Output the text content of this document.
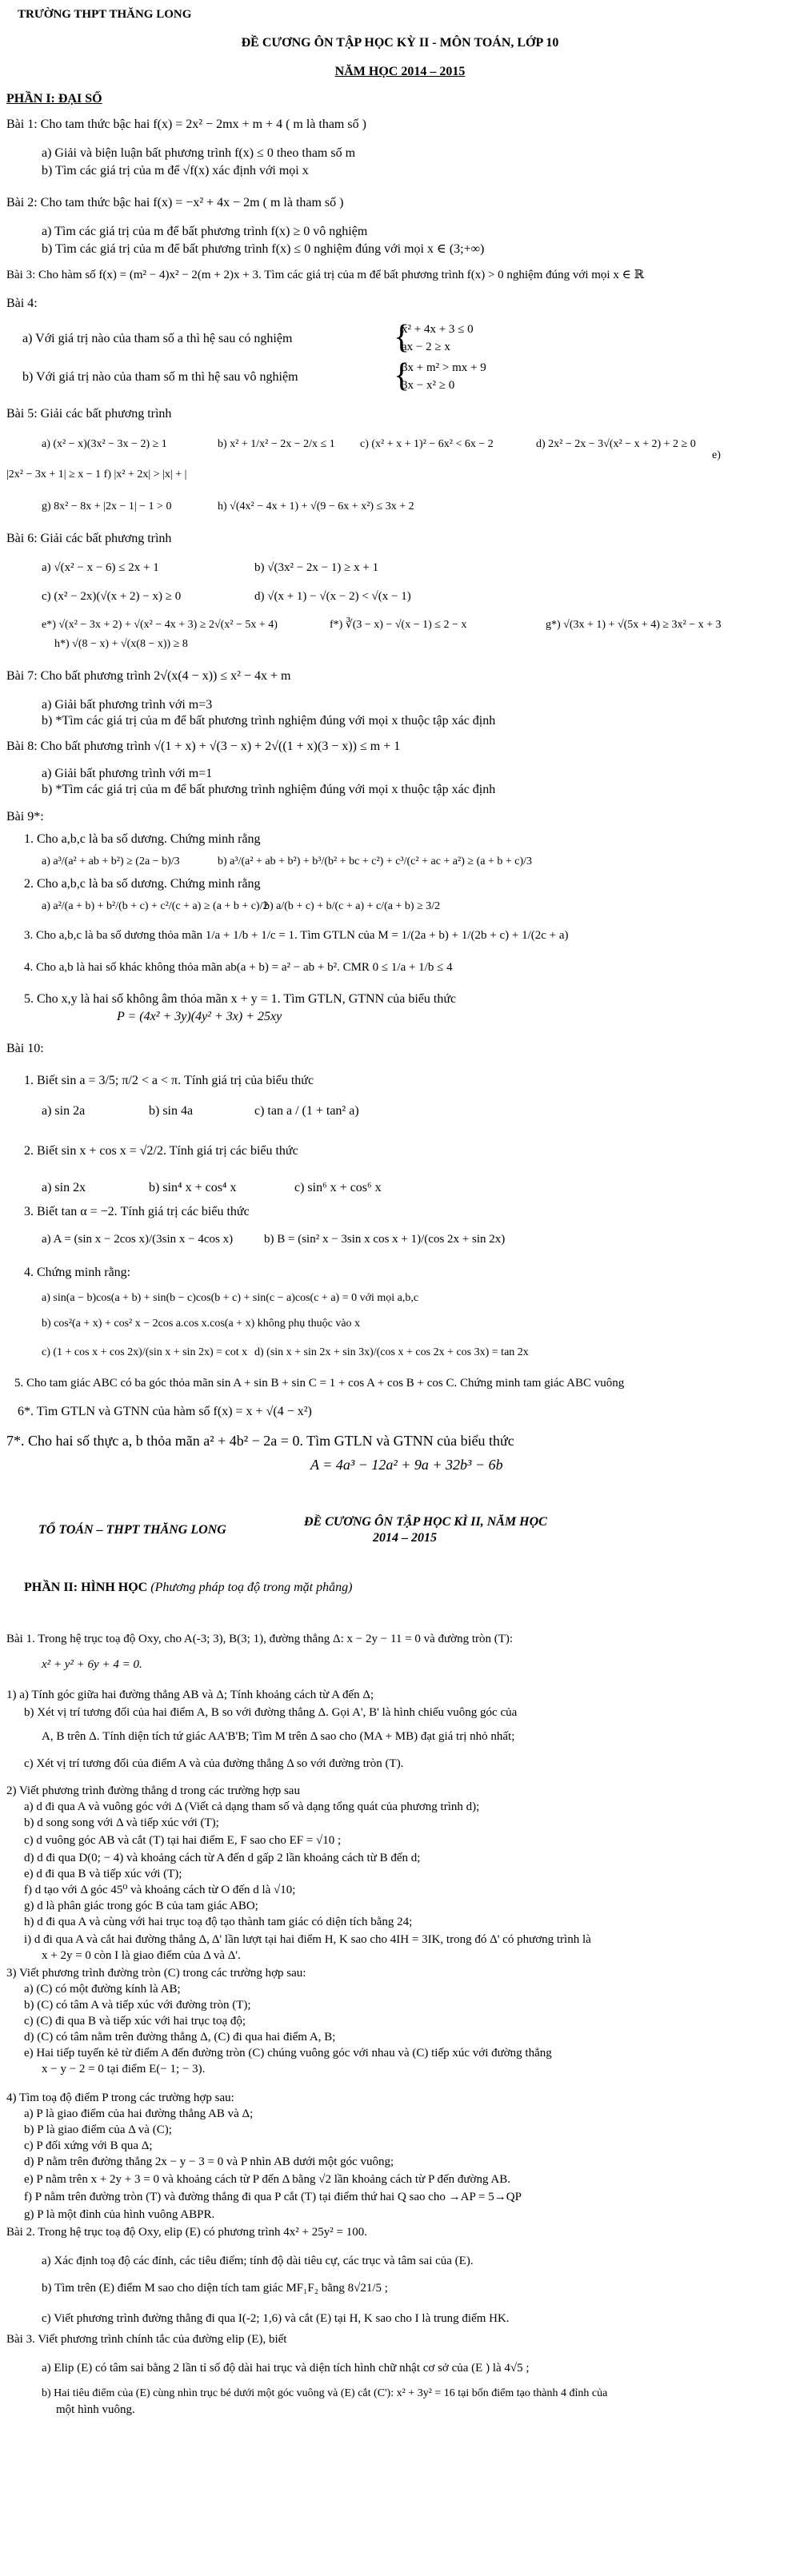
TRƯỜNG THPT THĂNG LONG
ĐỀ CƯƠNG ÔN TẬP HỌC KỲ II - MÔN TOÁN, LỚP 10
NĂM HỌC 2014 – 2015
PHẦN I: ĐẠI SỐ
Bài 1: Cho tam thức bậc hai f(x) = 2x² − 2mx + m + 4 ( m là tham số )
a) Giải và biện luận bất phương trình f(x) ≤ 0 theo tham số m
b) Tìm các giá trị của m để √f(x) xác định với mọi x
Bài 2: Cho tam thức bậc hai f(x) = −x² + 4x − 2m ( m là tham số )
a) Tìm các giá trị của m để bất phương trình f(x) ≥ 0 vô nghiệm
b) Tìm các giá trị của m để bất phương trình f(x) ≤ 0 nghiệm đúng với mọi x ∈ (3;+∞)
Bài 3: Cho hàm số f(x) = (m² − 4)x² − 2(m + 2)x + 3. Tìm các giá trị của m để bất phương trình f(x) > 0 nghiệm đúng với mọi x ∈ ℝ
Bài 4:
a) Với giá trị nào của tham số a thì hệ sau có nghiệm
x² + 4x + 3 ≤ 0
ax − 2 ≥ x
b) Với giá trị nào của tham số m thì hệ sau vô nghiệm
3x + m² > mx + 9
3x − x² ≥ 0
{
{
Bài 5: Giải các bất phương trình
a) (x² − x)(3x² − 3x − 2) ≥ 1	b) x² + 1/x² − 2x − 2/x ≤ 1 c) (x² + x + 1)² − 6x² < 6x − 2	d) 2x² − 2x − 3√(x² − x + 2) + 2 ≥ 0
e)
|2x² − 3x + 1| ≥ x − 1 f) |x² + 2x| > |x| + |
g) 8x² − 8x + |2x − 1| − 1 > 0	h) √(4x² − 4x + 1) + √(9 − 6x + x²) ≤ 3x + 2
Bài 6: Giải các bất phương trình
a) √(x² − x − 6) ≤ 2x + 1	b) √(3x² − 2x − 1) ≥ x + 1
c) (x² − 2x)(√(x + 2) − x) ≥ 0	d) √(x + 1) − √(x − 2) < √(x − 1)
e*) √(x² − 3x + 2) + √(x² − 4x + 3) ≥ 2√(x² − 5x + 4)	f*) ∛(3 − x) − √(x − 1) ≤ 2 − x	g*) √(3x + 1) + √(5x + 4) ≥ 3x² − x + 3
h*) √(8 − x) + √(x(8 − x)) ≥ 8
Bài 7: Cho bất phương trình 2√(x(4 − x)) ≤ x² − 4x + m
a) Giải bất phương trình với m=3
b) *Tìm các giá trị của m để bất phương trình nghiệm đúng với mọi x thuộc tập xác định
Bài 8: Cho bất phương trình √(1 + x) + √(3 − x) + 2√((1 + x)(3 − x)) ≤ m + 1
a) Giải bất phương trình với m=1
b) *Tìm các giá trị của m để bất phương trình nghiệm đúng với mọi x thuộc tập xác định
Bài 9*:
1. Cho a,b,c là ba số dương. Chứng minh rằng
a) a³/(a² + ab + b²) ≥ (2a − b)/3	b) a³/(a² + ab + b²) + b³/(b² + bc + c²) + c³/(c² + ac + a²) ≥ (a + b + c)/3
2. Cho a,b,c là ba số dương. Chứng minh rằng
a) a²/(a + b) + b²/(b + c) + c²/(c + a) ≥ (a + b + c)/2
b) a/(b + c) + b/(c + a) + c/(a + b) ≥ 3/2
3. Cho a,b,c là ba số dương thỏa mãn 1/a + 1/b + 1/c = 1. Tìm GTLN của M = 1/(2a + b) + 1/(2b + c) + 1/(2c + a)
4. Cho a,b là hai số khác không thỏa mãn ab(a + b) = a² − ab + b². CMR 0 ≤ 1/a + 1/b ≤ 4
5. Cho x,y là hai số không âm thỏa mãn x + y = 1. Tìm GTLN, GTNN của biểu thức
P = (4x² + 3y)(4y² + 3x) + 25xy
Bài 10:
1. Biết sin a = 3/5; π/2 < a < π. Tính giá trị của biểu thức
a) sin 2a	b) sin 4a	c) tan a / (1 + tan² a)
2. Biết sin x + cos x = √2/2. Tính giá trị các biểu thức
a) sin 2x	b) sin⁴ x + cos⁴ x	c) sin⁶ x + cos⁶ x
3. Biết tan α = −2. Tính giá trị các biểu thức
a) A = (sin x − 2cos x)/(3sin x − 4cos x)	b) B = (sin² x − 3sin x cos x + 1)/(cos 2x + sin 2x)
4. Chứng minh rằng:
a) sin(a − b)cos(a + b) + sin(b − c)cos(b + c) + sin(c − a)cos(c + a) = 0 với mọi a,b,c
b) cos²(a + x) + cos² x − 2cos a.cos x.cos(a + x) không phụ thuộc vào x
c) (1 + cos x + cos 2x)/(sin x + sin 2x) = cot x d) (sin x + sin 2x + sin 3x)/(cos x + cos 2x + cos 3x) = tan 2x
5. Cho tam giác ABC có ba góc thỏa mãn sin A + sin B + sin C = 1 + cos A + cos B + cos C. Chứng minh tam giác ABC vuông
6*. Tìm GTLN và GTNN của hàm số f(x) = x + √(4 − x²)
7*. Cho hai số thực a, b thỏa mãn a² + 4b² − 2a = 0. Tìm GTLN và GTNN của biểu thức
A = 4a³ − 12a² + 9a + 32b³ − 6b
TỔ TOÁN – THPT THĂNG LONG
ĐỀ CƯƠNG ÔN TẬP HỌC KÌ II, NĂM HỌC
2014 – 2015
PHẦN II: HÌNH HỌC (Phương pháp toạ độ trong mặt phẳng)
Bài 1. Trong hệ trục toạ độ Oxy, cho A(-3; 3), B(3; 1), đường thẳng Δ: x − 2y − 11 = 0 và đường tròn (T):
x² + y² + 6y + 4 = 0.
1) a) Tính góc giữa hai đường thẳng AB và Δ; Tính khoảng cách từ A đến Δ;
b) Xét vị trí tương đối của hai điểm A, B so với đường thẳng Δ. Gọi A', B' là hình chiếu vuông góc của
A, B trên Δ. Tính diện tích tứ giác AA'B'B; Tìm M trên Δ sao cho (MA + MB) đạt giá trị nhỏ nhất;
c) Xét vị trí tương đối của điểm A và của đường thẳng Δ so với đường tròn (T).
2) Viết phương trình đường thẳng d trong các trường hợp sau
a) d đi qua A và vuông góc với Δ (Viết cả dạng tham số và dạng tổng quát của phương trình d);
b) d song song với Δ và tiếp xúc với (T);
c) d vuông góc AB và cắt (T) tại hai điểm E, F sao cho EF = √10 ;
d) d đi qua D(0; − 4) và khoảng cách từ A đến d gấp 2 lần khoảng cách từ B đến d;
e) d đi qua B và tiếp xúc với (T);
f) d tạo với Δ góc 45⁰ và khoảng cách từ O đến d là √10;
g) d là phân giác trong góc B của tam giác ABO;
h) d đi qua A và cùng với hai trục toạ độ tạo thành tam giác có diện tích bằng 24;
i) d đi qua A và cắt hai đường thẳng Δ, Δ' lần lượt tại hai điểm H, K sao cho 4IH = 3IK, trong đó Δ' có phương trình là
x + 2y = 0 còn I là giao điểm của Δ và Δ'.
3) Viết phương trình đường tròn (C) trong các trường hợp sau:
a) (C) có một đường kính là AB;
b) (C) có tâm A và tiếp xúc với đường tròn (T);
c) (C) đi qua B và tiếp xúc với hai trục toạ độ;
d) (C) có tâm nằm trên đường thẳng Δ, (C) đi qua hai điểm A, B;
e) Hai tiếp tuyến kẻ từ điểm A đến đường tròn (C) chúng vuông góc với nhau và (C) tiếp xúc với đường thẳng
x − y − 2 = 0 tại điểm E(− 1; − 3).
4) Tìm toạ độ điểm P trong các trường hợp sau:
a) P là giao điểm của hai đường thẳng AB và Δ;
b) P là giao điểm của Δ và (C);
c) P đối xứng với B qua Δ;
d) P nằm trên đường thẳng 2x − y − 3 = 0 và P nhìn AB dưới một góc vuông;
e) P nằm trên x + 2y + 3 = 0 và khoảng cách từ P đến Δ bằng √2 lần khoảng cách từ P đến đường AB.
f) P nằm trên đường tròn (T) và đường thẳng đi qua P cắt (T) tại điểm thứ hai Q sao cho →AP = 5→QP
g) P là một đỉnh của hình vuông ABPR.
Bài 2. Trong hệ trục toạ độ Oxy, elip (E) có phương trình 4x² + 25y² = 100.
a) Xác định toạ độ các đỉnh, các tiêu điểm; tính độ dài tiêu cự, các trục và tâm sai của (E).
b) Tìm trên (E) điểm M sao cho diện tích tam giác MF₁F₂ bằng 8√21/5 ;
c) Viết phương trình đường thẳng đi qua I(-2; 1,6) và cắt (E) tại H, K sao cho I là trung điểm HK.
Bài 3. Viết phương trình chính tắc của đường elip (E), biết
a) Elip (E) có tâm sai bằng 2 lần tỉ số độ dài hai trục và diện tích hình chữ nhật cơ sở của (E ) là 4√5 ;
b) Hai tiêu điểm của (E) cùng nhìn trục bé dưới một góc vuông và (E) cắt (C'): x² + 3y² = 16 tại bốn điểm tạo thành 4 đỉnh của
một hình vuông.
